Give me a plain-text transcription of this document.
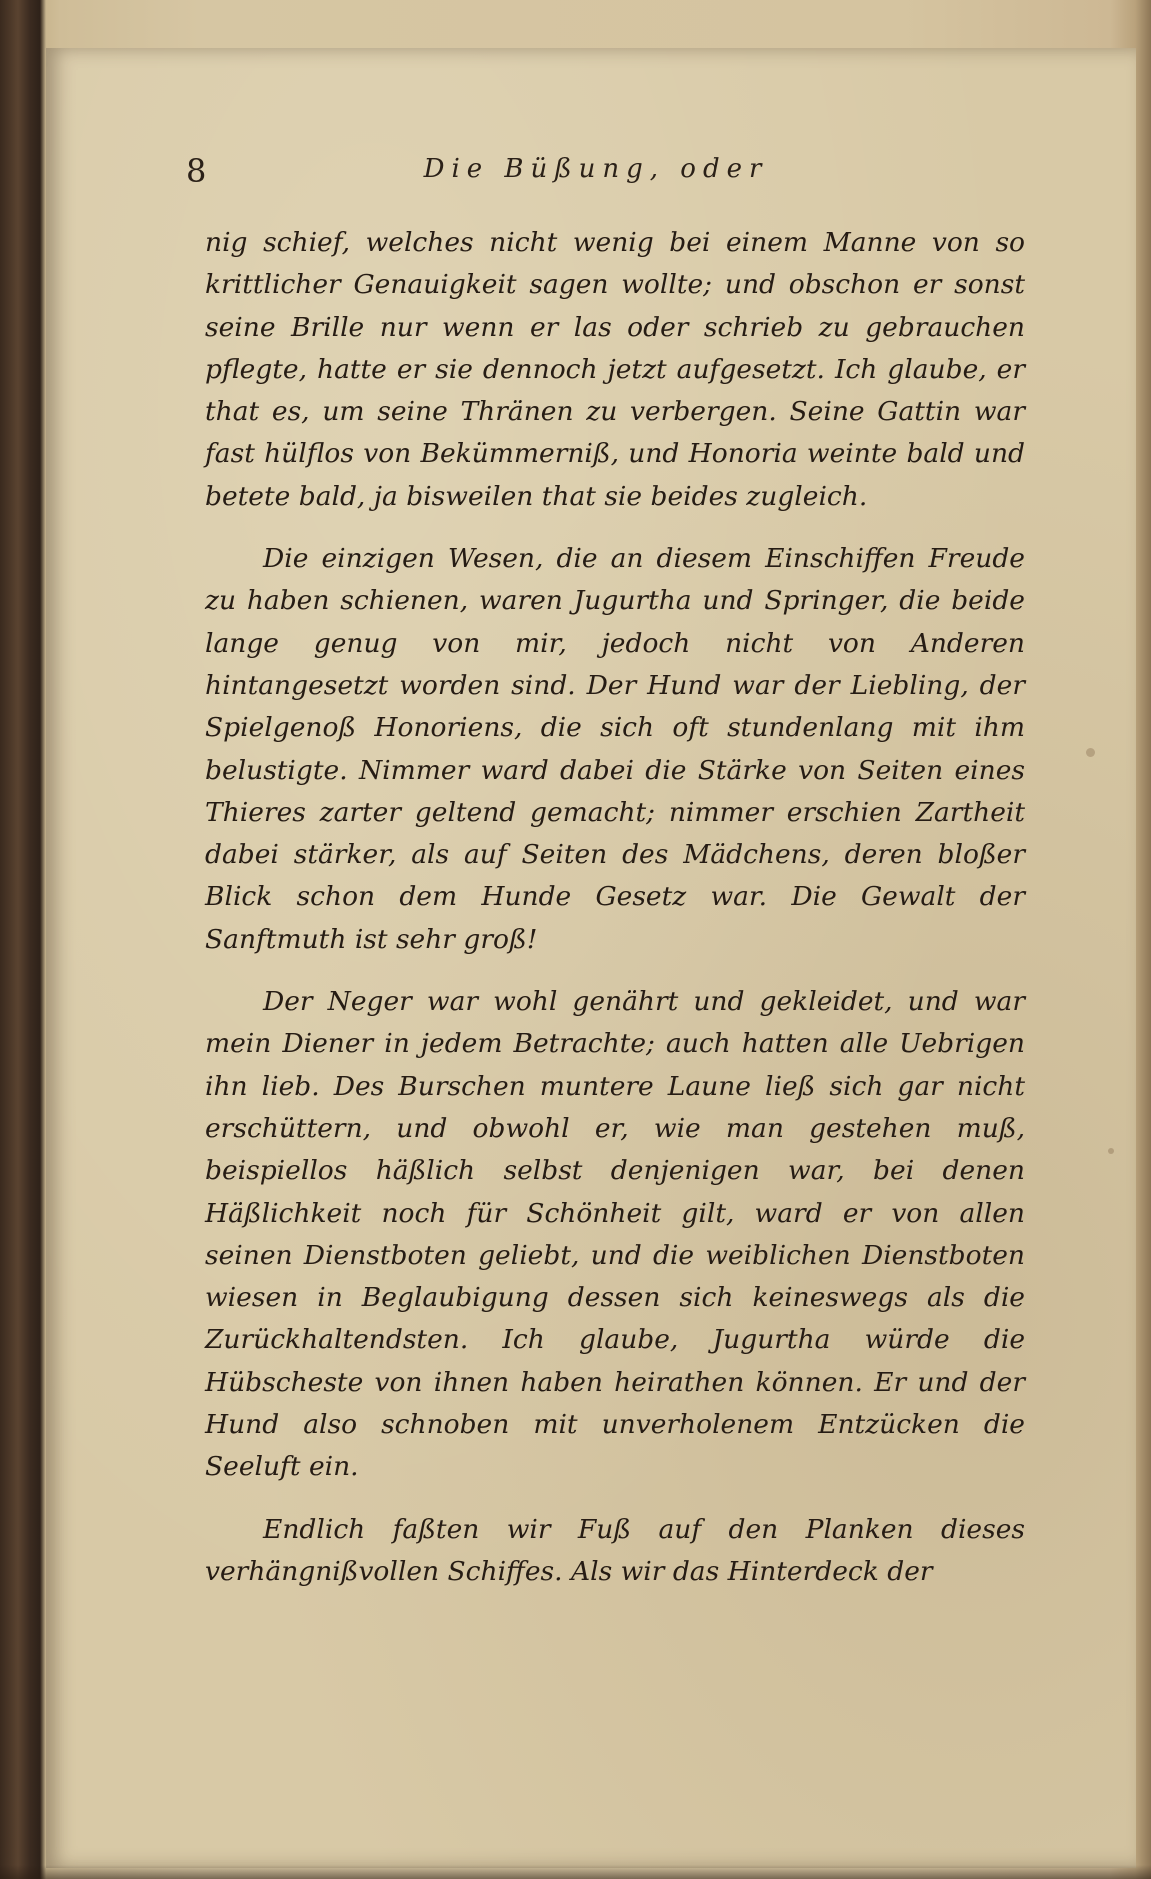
8	Die Büßung, oder

nig schief, welches nicht wenig bei einem Manne von so krittlicher Genauigkeit sagen wollte; und obschon er sonst seine Brille nur wenn er las oder schrieb zu gebrauchen pflegte, hatte er sie dennoch jetzt aufgesetzt. Ich glaube, er that es, um seine Thränen zu verbergen. Seine Gattin war fast hülflos von Bekümmerniß, und Honoria weinte bald und betete bald, ja bisweilen that sie beides zugleich.

Die einzigen Wesen, die an diesem Einschiffen Freude zu haben schienen, waren Jugurtha und Springer, die beide lange genug von mir, jedoch nicht von Anderen hintangesetzt worden sind. Der Hund war der Liebling, der Spielgenoß Honoriens, die sich oft stundenlang mit ihm belustigte. Nimmer ward dabei die Stärke von Seiten eines Thieres zarter geltend gemacht; nimmer erschien Zartheit dabei stärker, als auf Seiten des Mädchens, deren bloßer Blick schon dem Hunde Gesetz war. Die Gewalt der Sanftmuth ist sehr groß!

Der Neger war wohl genährt und gekleidet, und war mein Diener in jedem Betrachte; auch hatten alle Uebrigen ihn lieb. Des Burschen muntere Laune ließ sich gar nicht erschüttern, und obwohl er, wie man gestehen muß, beispiellos häßlich selbst denjenigen war, bei denen Häßlichkeit noch für Schönheit gilt, ward er von allen seinen Dienstboten geliebt, und die weiblichen Dienstboten wiesen in Beglaubigung dessen sich keineswegs als die Zurückhaltendsten. Ich glaube, Jugurtha würde die Hübscheste von ihnen haben heirathen können. Er und der Hund also schnoben mit unverholenem Entzücken die Seeluft ein.

Endlich faßten wir Fuß auf den Planken dieses verhängnißvollen Schiffes. Als wir das Hinterdeck der
